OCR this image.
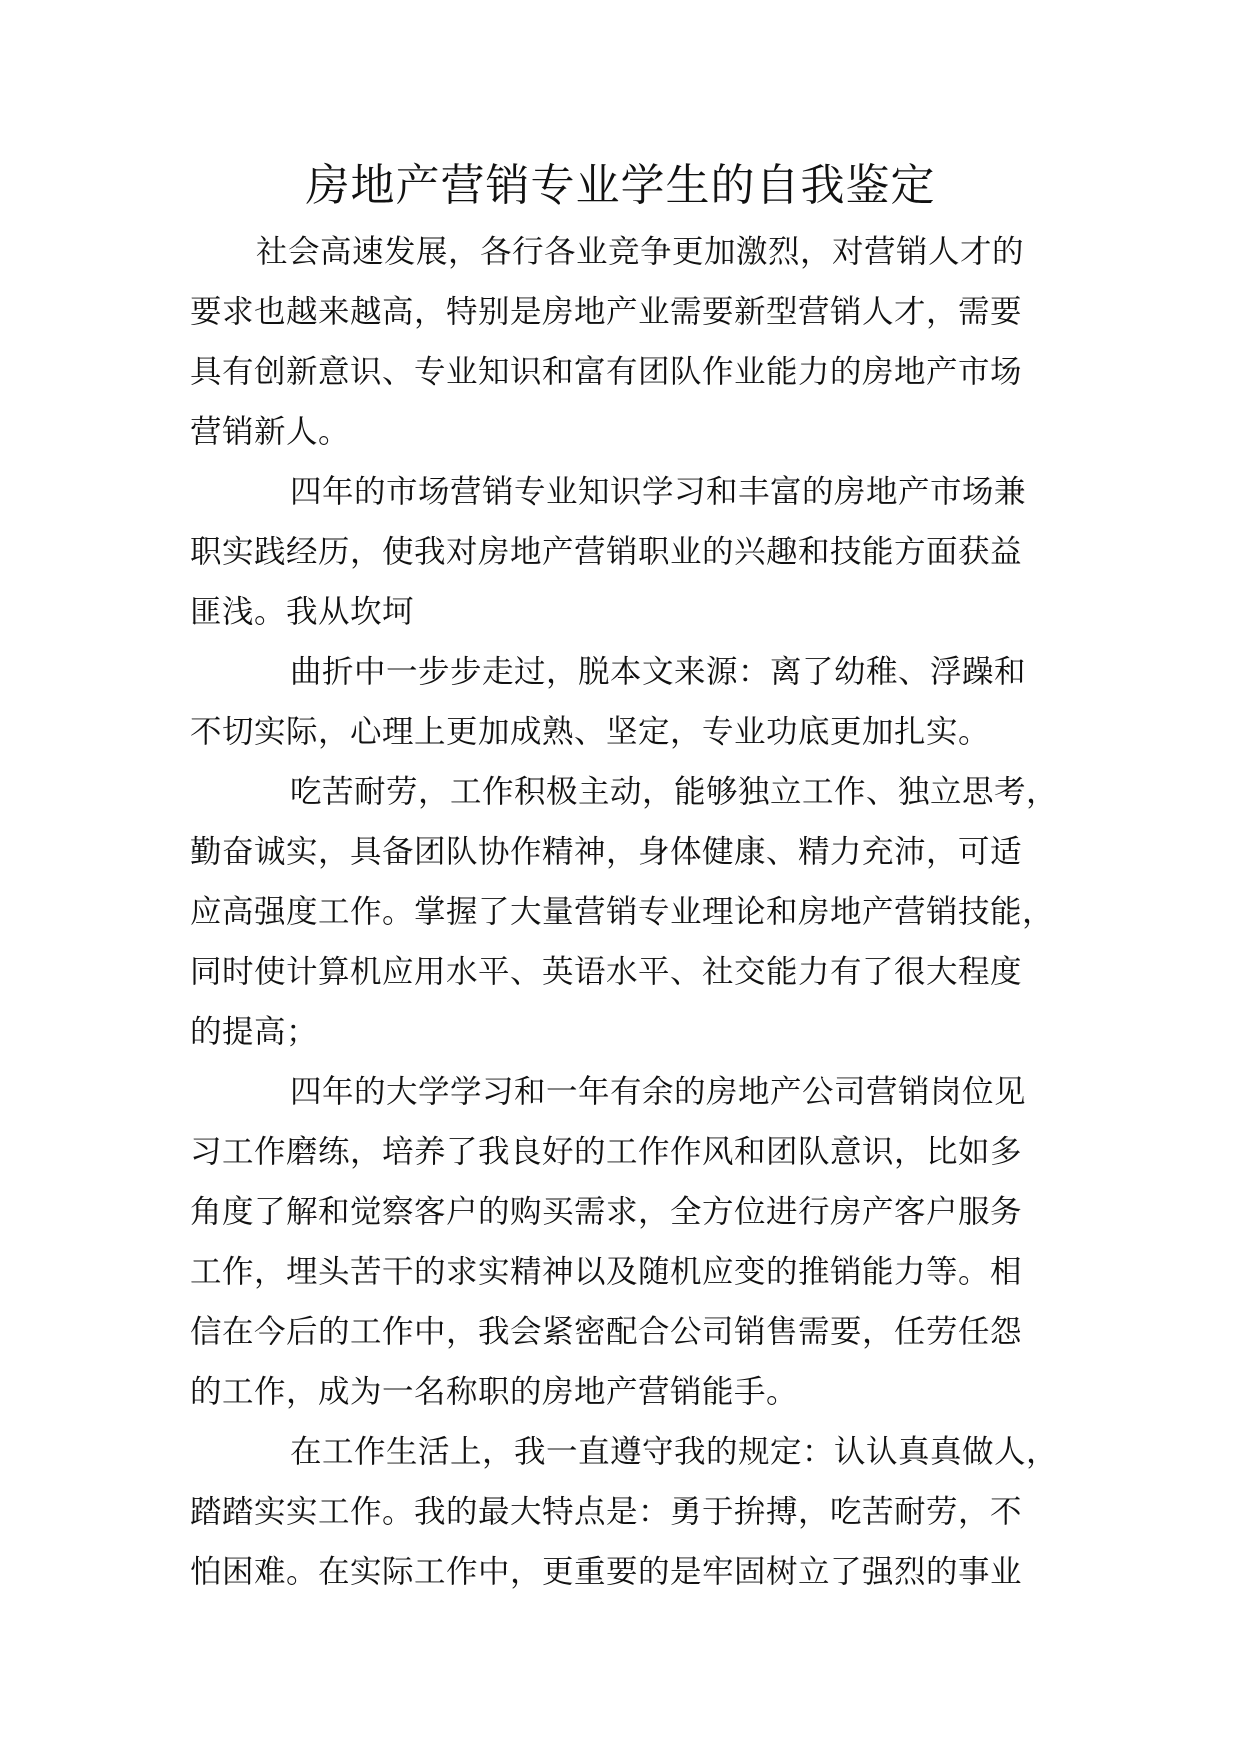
房地产营销专业学生的自我鉴定
社会高速发展，各行各业竞争更加激烈，对营销人才的
要求也越来越高，特别是房地产业需要新型营销人才，需要
具有创新意识、专业知识和富有团队作业能力的房地产市场
营销新人。
四年的市场营销专业知识学习和丰富的房地产市场兼
职实践经历，使我对房地产营销职业的兴趣和技能方面获益
匪浅。我从坎坷
曲折中一步步走过，脱本文来源：离了幼稚、浮躁和
不切实际，心理上更加成熟、坚定，专业功底更加扎实。
吃苦耐劳，工作积极主动，能够独立工作、独立思考，
勤奋诚实，具备团队协作精神，身体健康、精力充沛，可适
应高强度工作。掌握了大量营销专业理论和房地产营销技能，
同时使计算机应用水平、英语水平、社交能力有了很大程度
的提高；
四年的大学学习和一年有余的房地产公司营销岗位见
习工作磨练，培养了我良好的工作作风和团队意识，比如多
角度了解和觉察客户的购买需求，全方位进行房产客户服务
工作，埋头苦干的求实精神以及随机应变的推销能力等。相
信在今后的工作中，我会紧密配合公司销售需要，任劳任怨
的工作，成为一名称职的房地产营销能手。
在工作生活上，我一直遵守我的规定：认认真真做人，
踏踏实实工作。我的最大特点是：勇于拚搏，吃苦耐劳，不
怕困难。在实际工作中，更重要的是牢固树立了强烈的事业
